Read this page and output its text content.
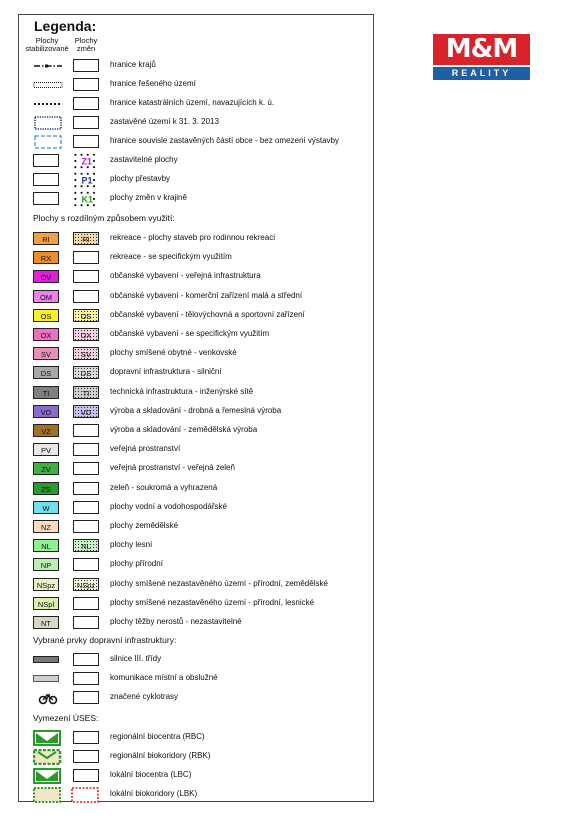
M&M
REALITY
Legenda:
Plochy stabilizované
Plochy změn
hranice krajů
hranice řešeného území
hranice katastrálních území, navazujících k. ú.
zastavěné území k 31. 3. 2013
hranice souvisle zastavěných částí obce - bez omezení výstavby
Z1 zastavitelné plochy
P1 plochy přestavby
K1 plochy změn v krajině
Plochy s rozdílným způsobem využití:
RI	RI	rekreace - plochy staveb pro rodinnou rekreaci
RX	rekreace - se specifickým využitím
OV	občanské vybavení - veřejná infrastruktura
OM	občanské vybavení - komerční zařízení malá a střední
OS	OS	občanské vybavení - tělovýchovná a sportovní zařízení
OX	OX	občanské vybavení - se specifickým využitím
SV	SV	plochy smíšené obytné - venkovské
DS	DS	dopravní infrastruktura - silniční
TI	TI	technická infrastruktura - inženýrské sítě
VD	VD	výroba a skladování - drobná a řemeslná výroba
VZ	výroba a skladování - zemědělská výroba
PV	veřejná prostranství
ZV	veřejná prostranství - veřejná zeleň
ZS	zeleň - soukromá a vyhrazená
W	plochy vodní a vodohospodářské
NZ	plochy zemědělské
NL	NL	plochy lesní
NP	plochy přírodní
NSpz	NSpz	plochy smíšené nezastavěného území - přírodní, zemědělské
NSpl	plochy smíšené nezastavěného území - přírodní, lesnické
NT	plochy těžby nerostů - nezastavitelné
Vybrané prvky dopravní infrastruktury:
silnice III. třídy
komunikace místní a obslužné
značené cyklotrasy
Vymezení ÚSES:
regionální biocentra (RBC)
regionální biokoridory (RBK)
lokální biocentra (LBC)
lokální biokoridory (LBK)
